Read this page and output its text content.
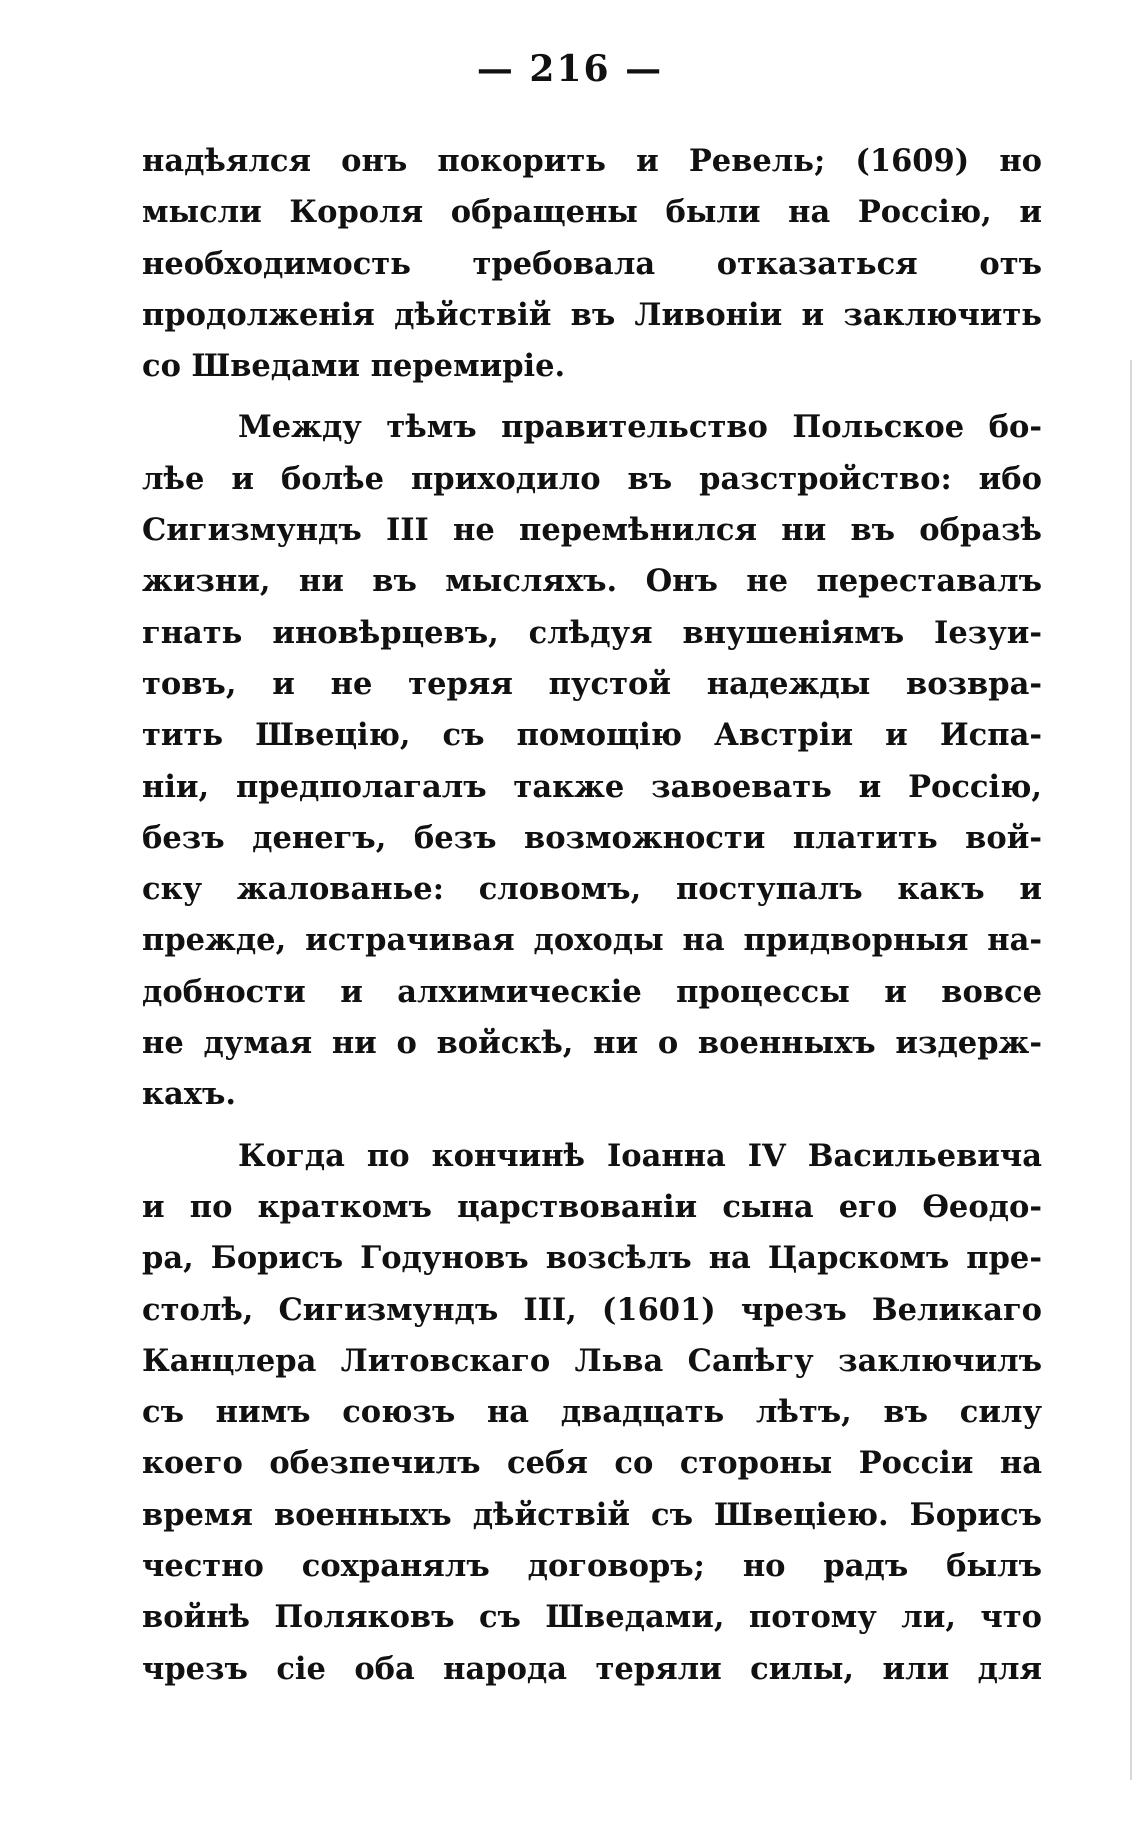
— 216 —
надѣялся онъ покорить и Ревель; (1609) но
мысли Короля обращены были на Россію, и
необходимость требовала отказаться отъ
продолженія дѣйствій въ Ливоніи и заключить
со Шведами перемиріе.
Между тѣмъ правительство Польское бо-
лѣе и болѣе приходило въ разстройство: ибо
Сигизмундъ III не перемѣнился ни въ образѣ
жизни, ни въ мысляхъ. Онъ не переставалъ
гнать иновѣрцевъ, слѣдуя внушеніямъ Іезуи-
товъ, и не теряя пустой надежды возвра-
тить Швецію, съ помощію Австріи и Испа-
ніи, предполагалъ также завоевать и Россію,
безъ денегъ, безъ возможности платить вой-
ску жалованье: словомъ, поступалъ какъ и
прежде, истрачивая доходы на придворныя на-
добности и алхимическіе процессы и вовсе
не думая ни о войскѣ, ни о военныхъ издерж-
кахъ.
Когда по кончинѣ Іоанна IV Васильевича
и по краткомъ царствованіи сына его Ѳеодо-
ра, Борисъ Годуновъ возсѣлъ на Царскомъ пре-
столѣ, Сигизмундъ III, (1601) чрезъ Великаго
Канцлера Литовскаго Льва Сапѣгу заключилъ
съ нимъ союзъ на двадцать лѣтъ, въ силу
коего обезпечилъ себя со стороны Россіи на
время военныхъ дѣйствій съ Швеціею. Борисъ
честно сохранялъ договоръ; но радъ былъ
войнѣ Поляковъ съ Шведами, потому ли, что
чрезъ сіе оба народа теряли силы, или для
